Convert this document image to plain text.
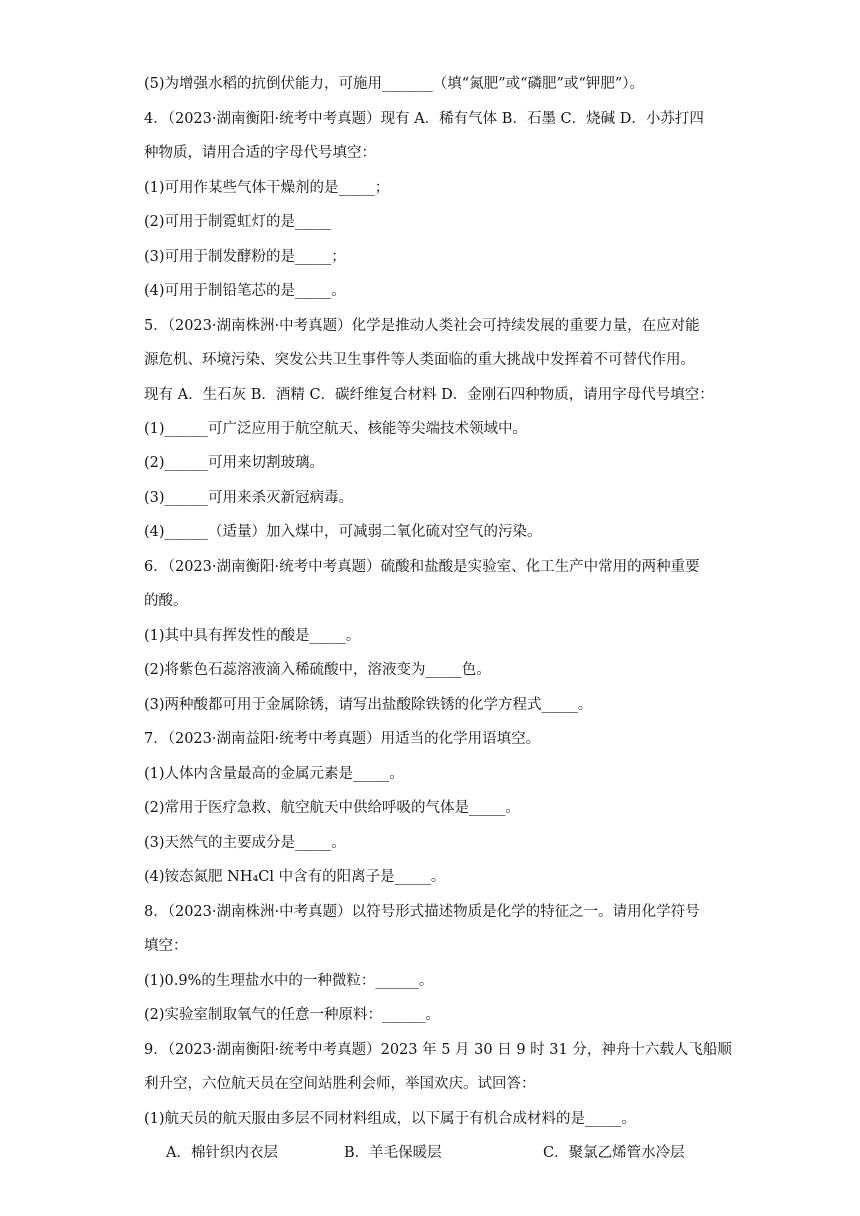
(5)为增强水稻的抗倒伏能力，可施用_______（填“氮肥”或“磷肥”或“钾肥”）。
4．（2023·湖南衡阳·统考中考真题）现有 A．稀有气体 B．石墨 C．烧碱 D．小苏打四
种物质，请用合适的字母代号填空：
(1)可用作某些气体干燥剂的是_____；
(2)可用于制霓虹灯的是_____
(3)可用于制发酵粉的是_____；
(4)可用于制铅笔芯的是_____。
5．（2023·湖南株洲·中考真题）化学是推动人类社会可持续发展的重要力量，在应对能
源危机、环境污染、突发公共卫生事件等人类面临的重大挑战中发挥着不可替代作用。
现有 A．生石灰 B．酒精 C．碳纤维复合材料 D．金刚石四种物质，请用字母代号填空：
(1)______可广泛应用于航空航天、核能等尖端技术领域中。
(2)______可用来切割玻璃。
(3)______可用来杀灭新冠病毒。
(4)______（适量）加入煤中，可减弱二氧化硫对空气的污染。
6．（2023·湖南衡阳·统考中考真题）硫酸和盐酸是实验室、化工生产中常用的两种重要
的酸。
(1)其中具有挥发性的酸是_____。
(2)将紫色石蕊溶液滴入稀硫酸中，溶液变为_____色。
(3)两种酸都可用于金属除锈，请写出盐酸除铁锈的化学方程式_____。
7．（2023·湖南益阳·统考中考真题）用适当的化学用语填空。
(1)人体内含量最高的金属元素是_____。
(2)常用于医疗急救、航空航天中供给呼吸的气体是_____。
(3)天然气的主要成分是_____。
(4)铵态氮肥 NH₄Cl 中含有的阳离子是_____。
8．（2023·湖南株洲·中考真题）以符号形式描述物质是化学的特征之一。请用化学符号
填空：
(1)0.9%的生理盐水中的一种微粒：______。
(2)实验室制取氧气的任意一种原料：______。
9．（2023·湖南衡阳·统考中考真题）2023 年 5 月 30 日 9 时 31 分，神舟十六载人飞船顺
利升空，六位航天员在空间站胜利会师，举国欢庆。试回答：
(1)航天员的航天服由多层不同材料组成，以下属于有机合成材料的是_____。
A．棉针织内衣层	B．羊毛保暖层	C．聚氯乙烯管水冷层
